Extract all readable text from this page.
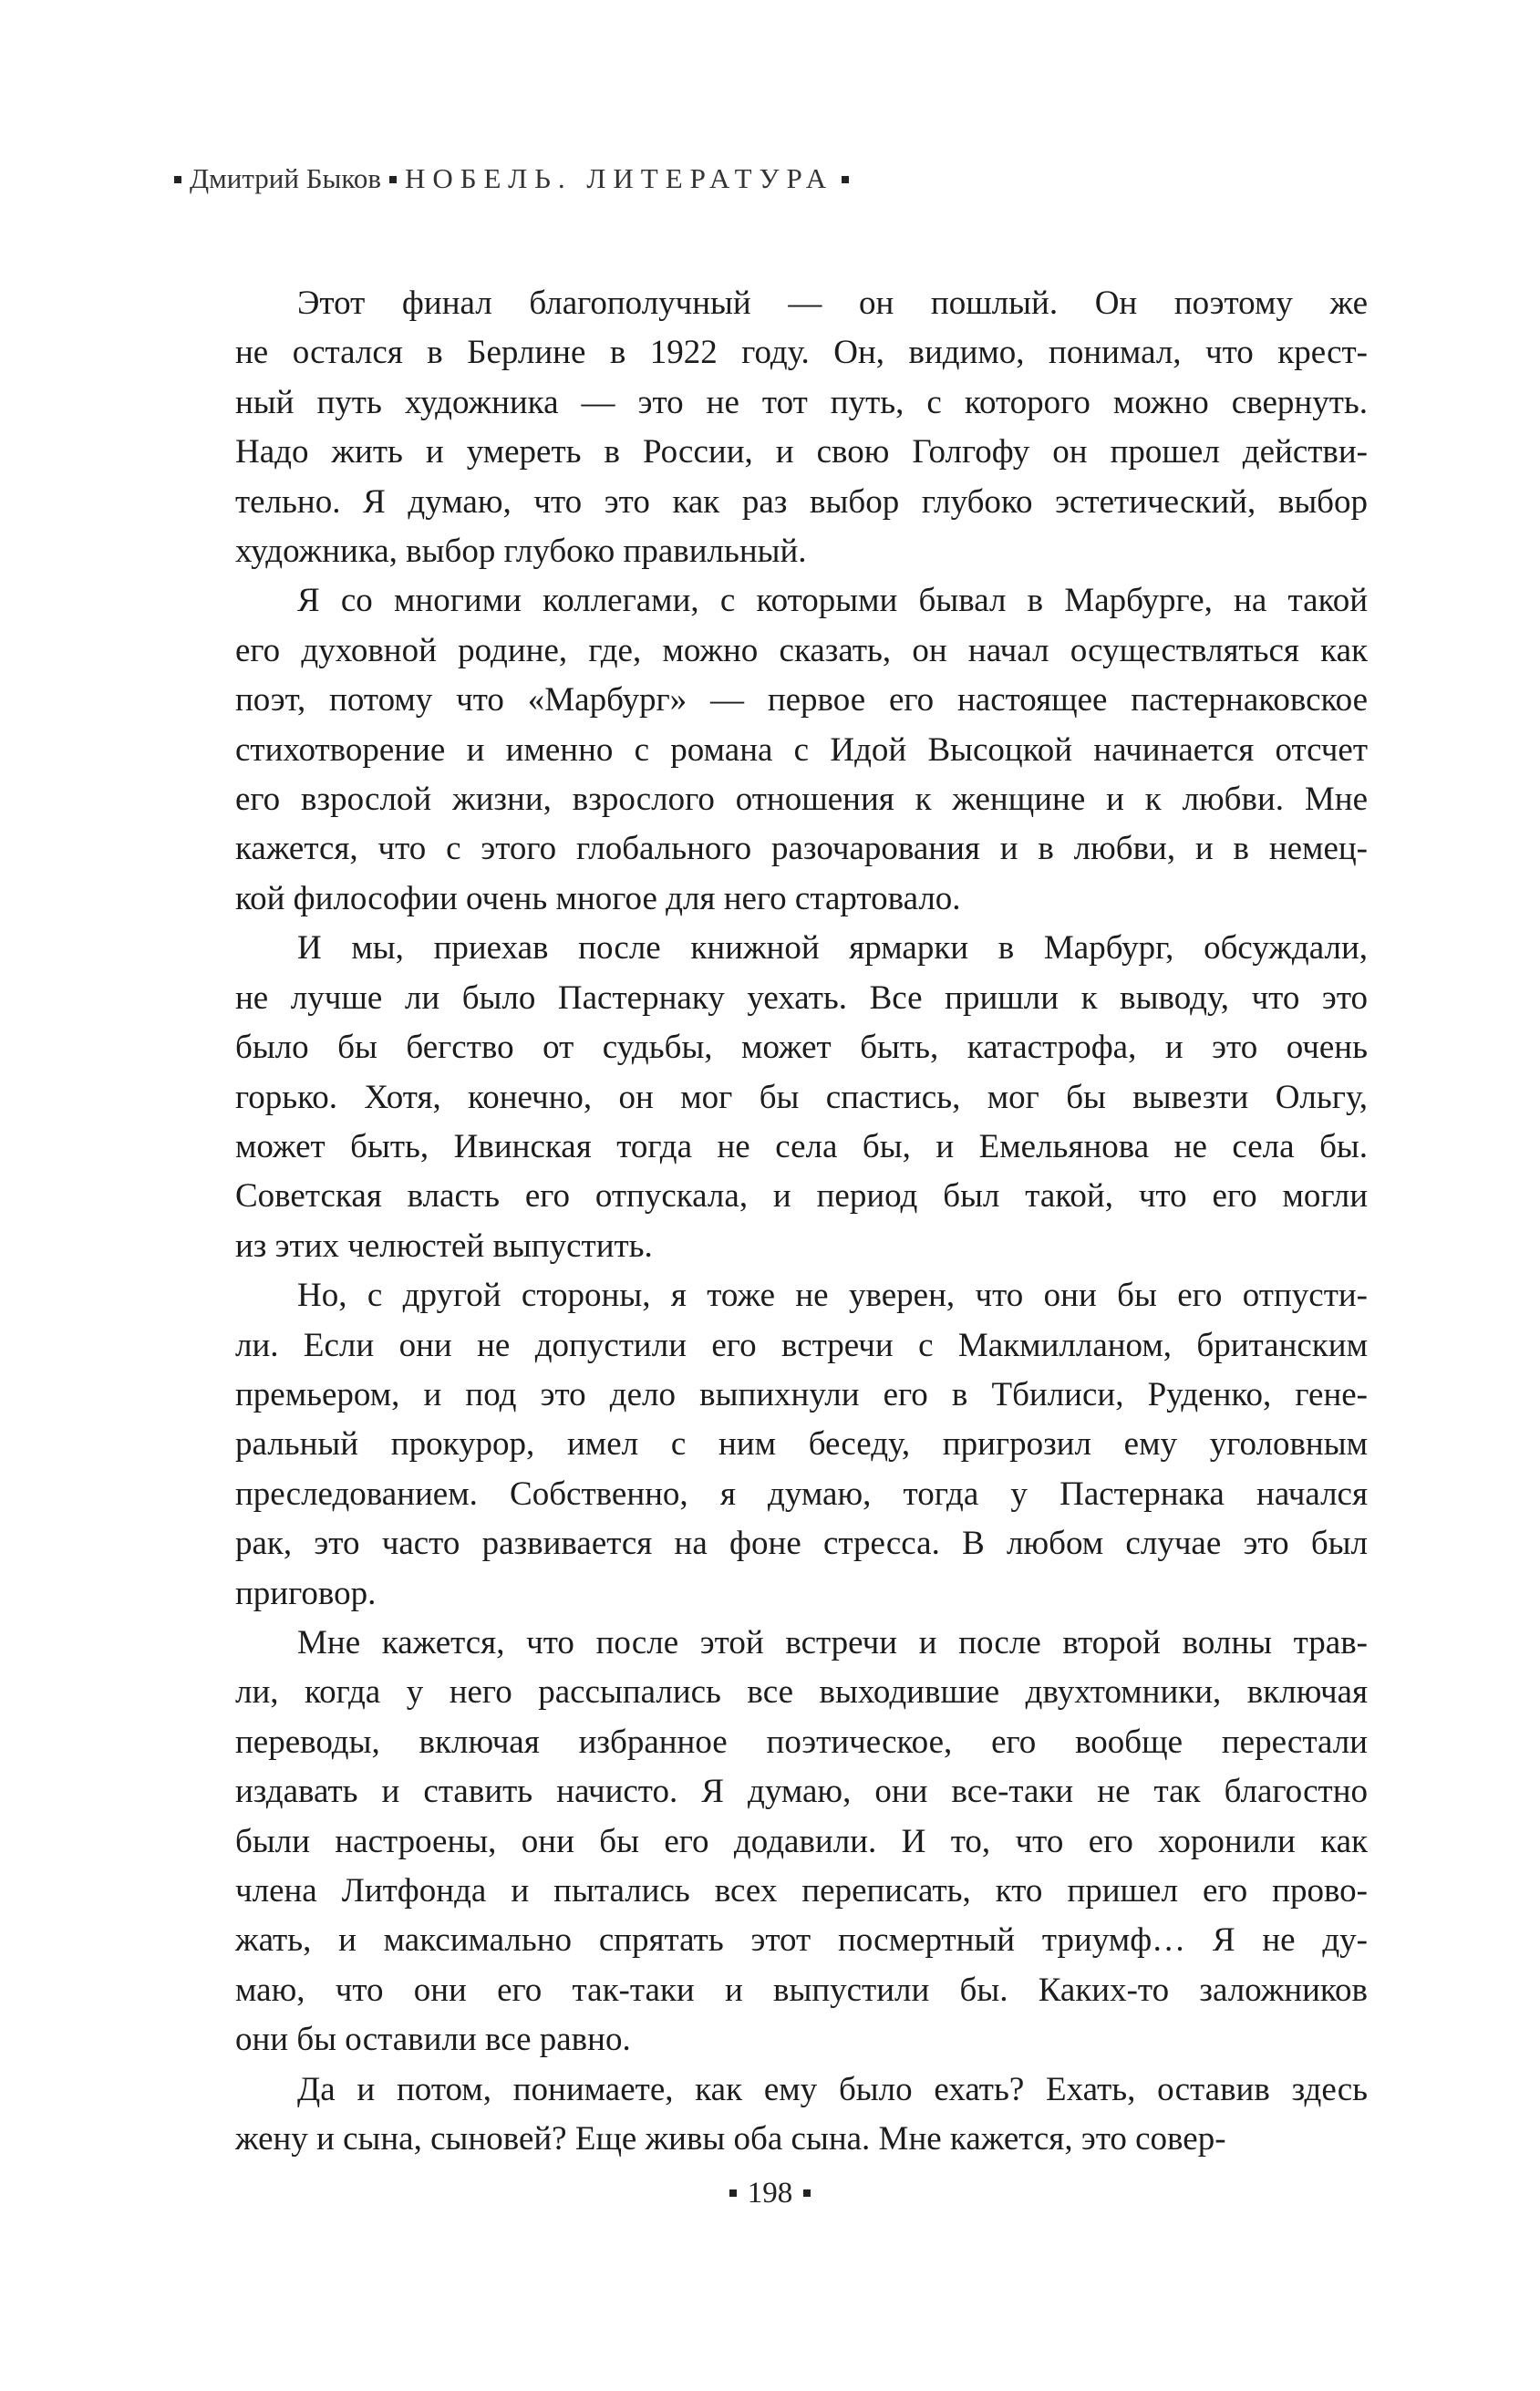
Дмитрий Быков НОБЕЛЬ. ЛИТЕРАТУРА
Этот финал благополучный — он пошлый. Он поэтому же
не остался в Берлине в 1922 году. Он, видимо, понимал, что крест-
ный путь художника — это не тот путь, с которого можно свернуть.
Надо жить и умереть в России, и свою Голгофу он прошел действи-
тельно. Я думаю, что это как раз выбор глубоко эстетический, выбор
художника, выбор глубоко правильный.
Я со многими коллегами, с которыми бывал в Марбурге, на такой
его духовной родине, где, можно сказать, он начал осуществляться как
поэт, потому что «Марбург» — первое его настоящее пастернаковское
стихотворение и именно с романа с Идой Высоцкой начинается отсчет
его взрослой жизни, взрослого отношения к женщине и к любви. Мне
кажется, что с этого глобального разочарования и в любви, и в немец-
кой философии очень многое для него стартовало.
И мы, приехав после книжной ярмарки в Марбург, обсуждали,
не лучше ли было Пастернаку уехать. Все пришли к выводу, что это
было бы бегство от судьбы, может быть, катастрофа, и это очень
горько. Хотя, конечно, он мог бы спастись, мог бы вывезти Ольгу,
может быть, Ивинская тогда не села бы, и Емельянова не села бы.
Советская власть его отпускала, и период был такой, что его могли
из этих челюстей выпустить.
Но, с другой стороны, я тоже не уверен, что они бы его отпусти-
ли. Если они не допустили его встречи с Макмилланом, британским
премьером, и под это дело выпихнули его в Тбилиси, Руденко, гене-
ральный прокурор, имел с ним беседу, пригрозил ему уголовным
преследованием. Собственно, я думаю, тогда у Пастернака начался
рак, это часто развивается на фоне стресса. В любом случае это был
приговор.
Мне кажется, что после этой встречи и после второй волны трав-
ли, когда у него рассыпались все выходившие двухтомники, включая
переводы, включая избранное поэтическое, его вообще перестали
издавать и ставить начисто. Я думаю, они все-таки не так благостно
были настроены, они бы его додавили. И то, что его хоронили как
члена Литфонда и пытались всех переписать, кто пришел его прово-
жать, и максимально спрятать этот посмертный триумф… Я не ду-
маю, что они его так-таки и выпустили бы. Каких-то заложников
они бы оставили все равно.
Да и потом, понимаете, как ему было ехать? Ехать, оставив здесь
жену и сына, сыновей? Еще живы оба сына. Мне кажется, это совер-
198
